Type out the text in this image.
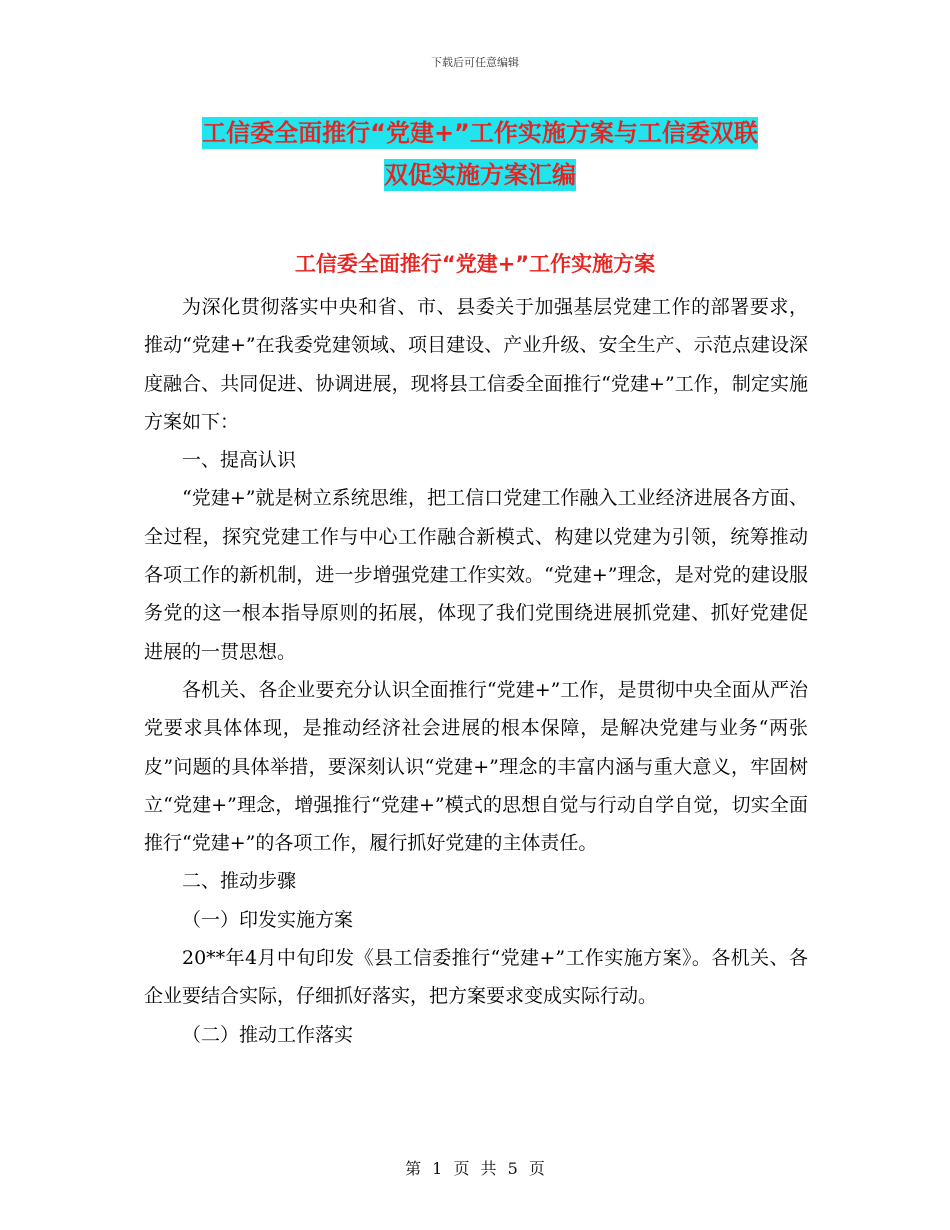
下载后可任意编辑
工信委全面推行“党建+”工作实施方案与工信委双联
双促实施方案汇编
工信委全面推行“党建+”工作实施方案

为深化贯彻落实中央和省、市、县委关于加强基层党建工作的部署要求，推动“党建+”在我委党建领域、项目建设、产业升级、安全生产、示范点建设深度融合、共同促进、协调进展，现将县工信委全面推行“党建+”工作，制定实施方案如下：

一、提高认识

“党建+”就是树立系统思维，把工信口党建工作融入工业经济进展各方面、全过程，探究党建工作与中心工作融合新模式、构建以党建为引领，统筹推动各项工作的新机制，进一步增强党建工作实效。“党建+”理念，是对党的建设服务党的这一根本指导原则的拓展，体现了我们党围绕进展抓党建、抓好党建促进展的一贯思想。

各机关、各企业要充分认识全面推行“党建+”工作，是贯彻中央全面从严治党要求具体体现，是推动经济社会进展的根本保障，是解决党建与业务“两张皮”问题的具体举措，要深刻认识“党建+”理念的丰富内涵与重大意义，牢固树立“党建+”理念，增强推行“党建+”模式的思想自觉与行动自学自觉，切实全面推行“党建+”的各项工作，履行抓好党建的主体责任。

二、推动步骤

（一）印发实施方案

20**年4月中旬印发《县工信委推行“党建+”工作实施方案》。各机关、各企业要结合实际，仔细抓好落实，把方案要求变成实际行动。

（二）推动工作落实

第 1 页 共 5 页
